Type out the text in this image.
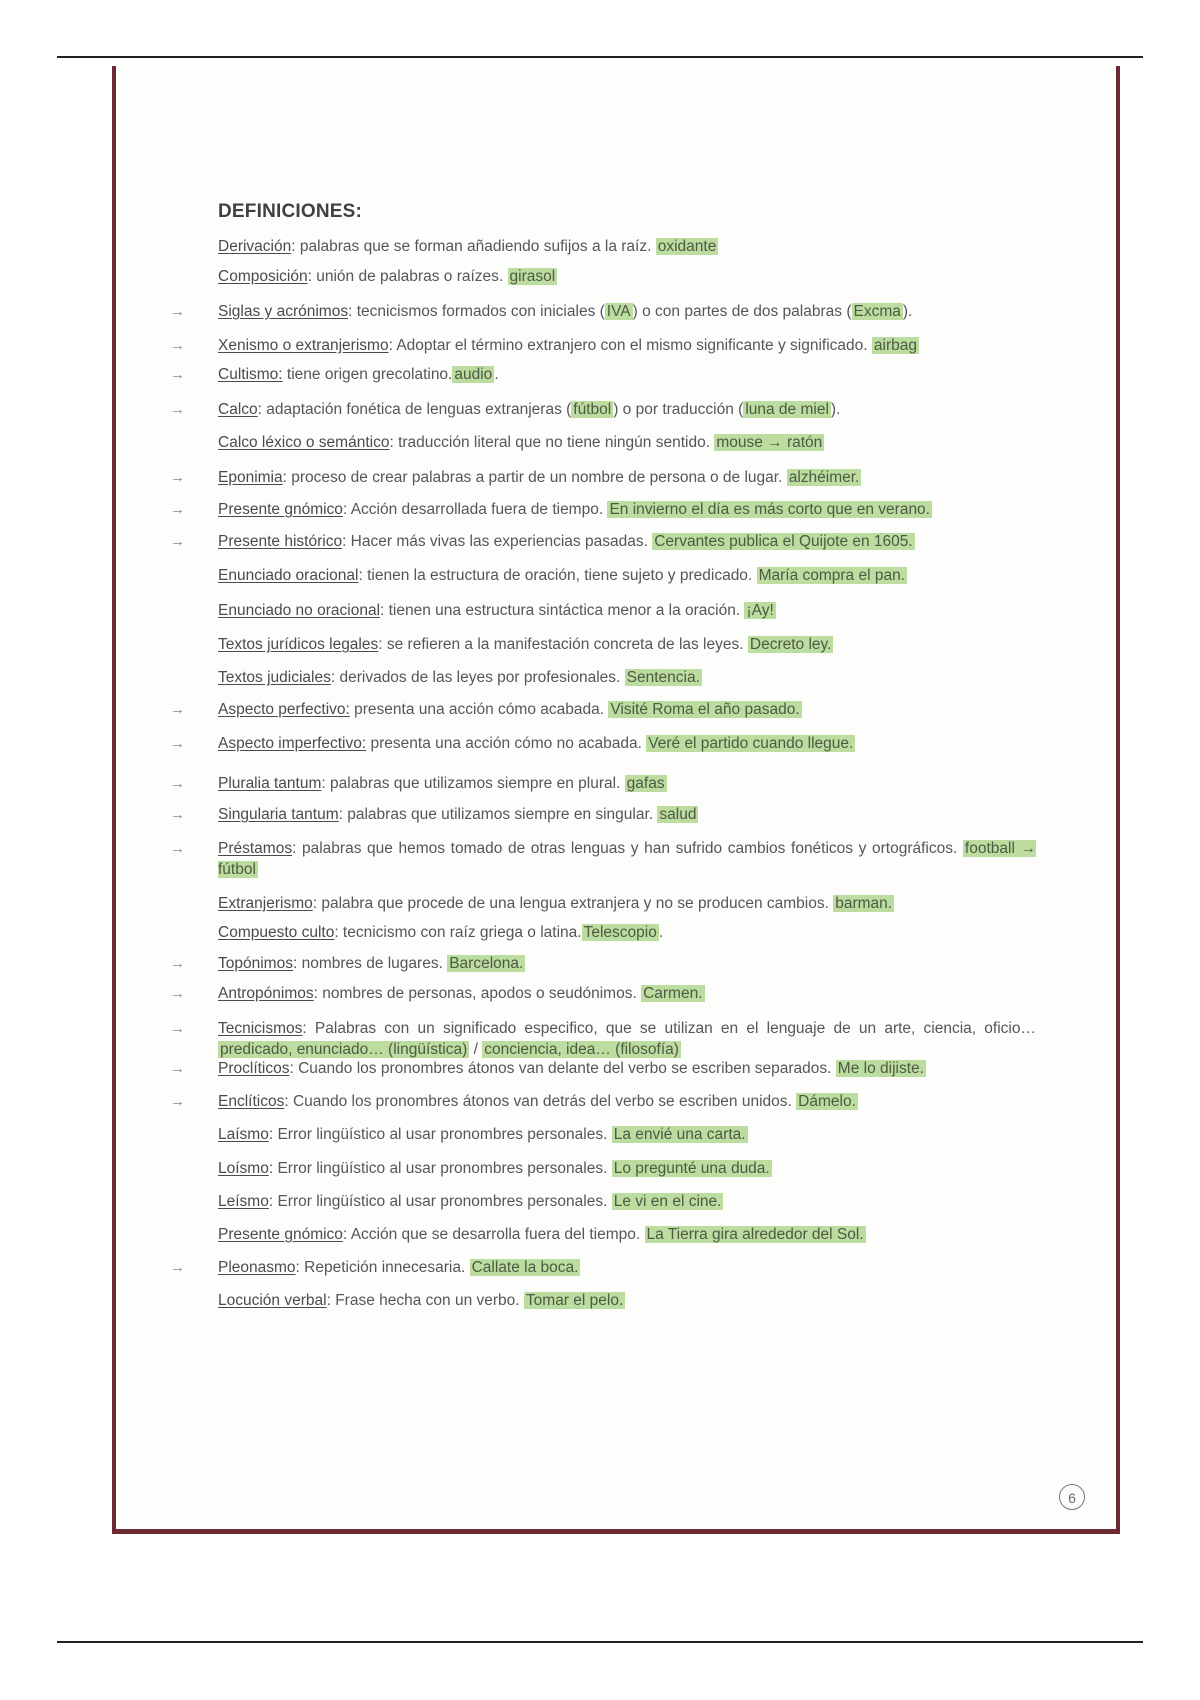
DEFINICIONES:
Derivación: palabras que se forman añadiendo sufijos a la raíz. oxidante
Composición: unión de palabras o raízes. girasol
→ Siglas y acrónimos: tecnicismos formados con iniciales ( IVA ) o con partes de dos palabras ( Excma ).
→ Xenismo o extranjerismo: Adoptar el término extranjero con el mismo significante y significado. airbag
→ Cultismo: tiene origen grecolatino. audio .
→ Calco: adaptación fonética de lenguas extranjeras ( fútbol ) o por traducción ( luna de miel ).
Calco léxico o semántico: traducción literal que no tiene ningún sentido. mouse → ratón
→ Eponimia: proceso de crear palabras a partir de un nombre de persona o de lugar. alzhéimer.
→ Presente gnómico: Acción desarrollada fuera de tiempo. En invierno el día es más corto que en verano.
→ Presente histórico: Hacer más vivas las experiencias pasadas. Cervantes publica el Quijote en 1605.
Enunciado oracional: tienen la estructura de oración, tiene sujeto y predicado. María compra el pan.
Enunciado no oracional: tienen una estructura sintáctica menor a la oración. ¡Ay!
Textos jurídicos legales: se refieren a la manifestación concreta de las leyes. Decreto ley.
Textos judiciales: derivados de las leyes por profesionales. Sentencia.
→ Aspecto perfectivo: presenta una acción cómo acabada. Visité Roma el año pasado.
→ Aspecto imperfectivo: presenta una acción cómo no acabada. Veré el partido cuando llegue.
→ Pluralia tantum: palabras que utilizamos siempre en plural. gafas
→ Singularia tantum: palabras que utilizamos siempre en singular. salud
→ Préstamos: palabras que hemos tomado de otras lenguas y han sufrido cambios fonéticos y ortográficos. football → fútbol
Extranjerismo: palabra que procede de una lengua extranjera y no se producen cambios. barman.
Compuesto culto: tecnicismo con raíz griega o latina. Telescopio .
→ Topónimos: nombres de lugares. Barcelona.
→ Antropónimos: nombres de personas, apodos o seudónimos. Carmen.
→ Tecnicismos: Palabras con un significado especifico, que se utilizan en el lenguaje de un arte, ciencia, oficio…predicado, enunciado… (lingüística) / conciencia, idea… (filosofía)
→ Proclíticos: Cuando los pronombres átonos van delante del verbo se escriben separados. Me lo dijiste.
→ Enclíticos: Cuando los pronombres átonos van detrás del verbo se escriben unidos. Dámelo.
Laísmo: Error lingüístico al usar pronombres personales. La envié una carta.
Loísmo: Error lingüístico al usar pronombres personales. Lo pregunté una duda.
Leísmo: Error lingüístico al usar pronombres personales. Le vi en el cine.
Presente gnómico: Acción que se desarrolla fuera del tiempo. La Tierra gira alrededor del Sol.
→ Pleonasmo: Repetición innecesaria. Callate la boca.
Locución verbal: Frase hecha con un verbo. Tomar el pelo.
6
